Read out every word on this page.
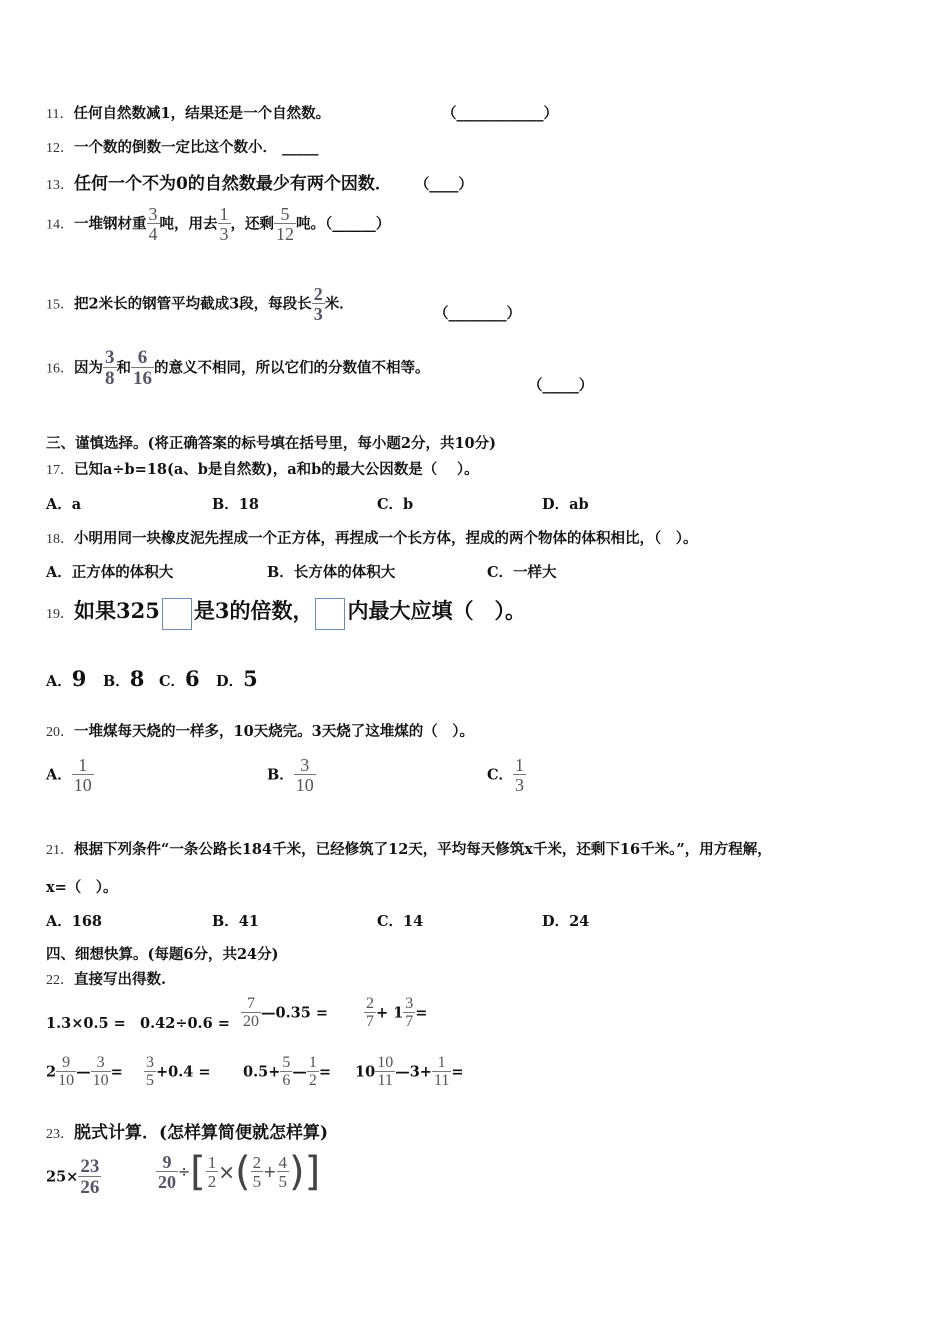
11．任何自然数减1，结果还是一个自然数。	（____________）
12．一个数的倒数一定比这个数小． _____
13．任何一个不为0的自然数最少有两个因数． （____）
14．一堆钢材重 $\frac{3}{4}$ 吨，用去 $\frac{1}{3}$ ，还剩 $\frac{5}{12}$ 吨。（______）
15．把2米长的钢管平均截成3段，每段长 $\frac{2}{3}$ 米．
（________）
16．因为 $\frac{3}{8}$ 和 $\frac{6}{16}$ 的意义不相同，所以它们的分数值不相等。
（_____）
三、谨慎选择。(将正确答案的标号填在括号里，每小题2分，共10分)
17．已知a÷b=18(a、b是自然数)，a和b的最大公因数是（　 ）。
A．a	B．18	C．b	D．ab
18．小明用同一块橡皮泥先捏成一个正方体，再捏成一个长方体，捏成的两个物体的体积相比，（　）。
A．正方体的体积大	B．长方体的体积大	C．一样大
19．如果325 是3的倍数， 内最大应填（　）。
A．9 B．8 C．6 D．5
20．一堆煤每天烧的一样多，10天烧完。3天烧了这堆煤的（　）。
A． $\frac{1}{10}$	B． $\frac{3}{10}$	C． $\frac{1}{3}$
21．根据下列条件“一条公路长184千米，已经修筑了12天，平均每天修筑x千米，还剩下16千米。”，用方程解，
x=（　）。
A．168	B．41	C．14	D．24
四、细想快算。(每题6分，共24分)
22．直接写出得数.
$1.3\times 0.5 = 0.42\div 0.6 = \frac{7}{20}$ —0.35 = $\frac{2}{7} + 1 \frac{3}{7}$ =
$2 \frac{9}{10}$ — $\frac{3}{10} = \frac{3}{5} +0.4 = 0.5+ \frac{5}{6}$ — $\frac{1}{2} = 10 \frac{10}{11}$ —3+ $\frac{1}{11}$ =
23．脱式计算．(怎样算简便就怎样算)
$25\times \frac{23}{26}$	$\frac{9}{20}$ ÷[ $\frac{1}{2}$ ×( $\frac{2}{5} + \frac{4}{5}$ )]
